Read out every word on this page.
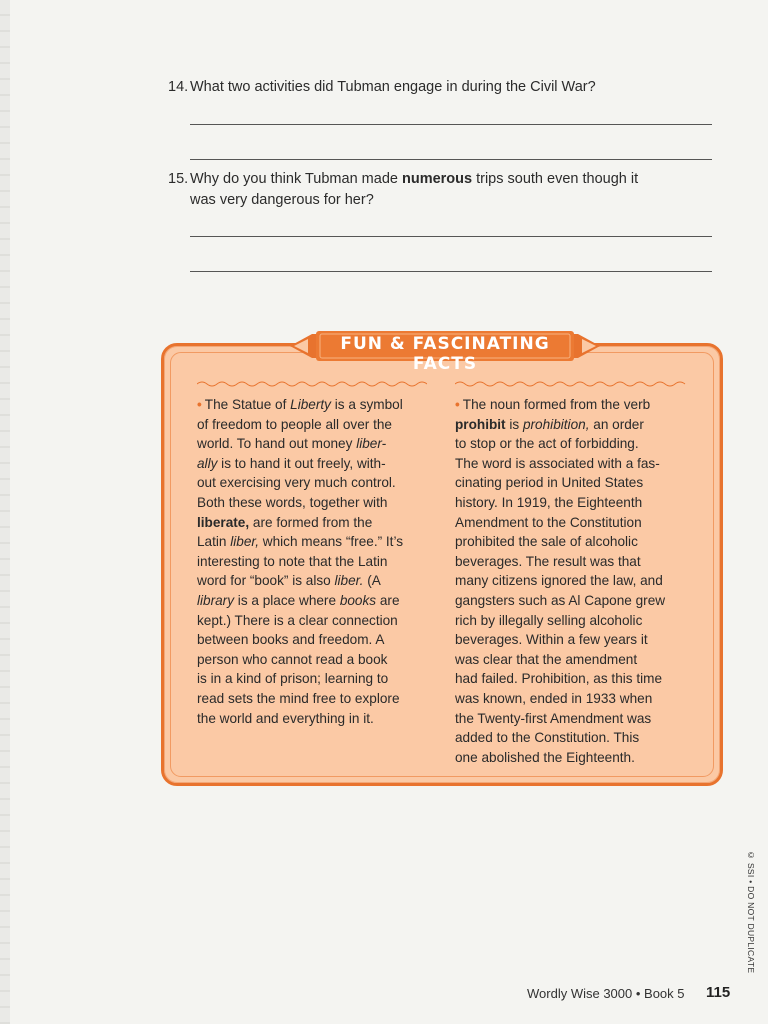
14. What two activities did Tubman engage in during the Civil War?
15. Why do you think Tubman made numerous trips south even though it
was very dangerous for her?
FUN & FASCINATING FACTS
• The Statue of Liberty is a symbol
of freedom to people all over the
world. To hand out money liber-
ally is to hand it out freely, with-
out exercising very much control.
Both these words, together with
liberate, are formed from the
Latin liber, which means “free.” It’s
interesting to note that the Latin
word for “book” is also liber. (A
library is a place where books are
kept.) There is a clear connection
between books and freedom. A
person who cannot read a book
is in a kind of prison; learning to
read sets the mind free to explore
the world and everything in it.
• The noun formed from the verb
prohibit is prohibition, an order
to stop or the act of forbidding.
The word is associated with a fas-
cinating period in United States
history. In 1919, the Eighteenth
Amendment to the Constitution
prohibited the sale of alcoholic
beverages. The result was that
many citizens ignored the law, and
gangsters such as Al Capone grew
rich by illegally selling alcoholic
beverages. Within a few years it
was clear that the amendment
had failed. Prohibition, as this time
was known, ended in 1933 when
the Twenty-first Amendment was
added to the Constitution. This
one abolished the Eighteenth.
© SSI • DO NOT DUPLICATE
Wordly Wise 3000 • Book 5 115
